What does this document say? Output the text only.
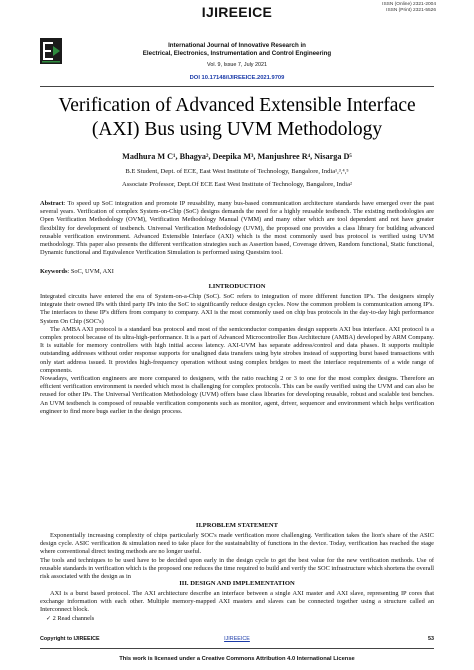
IJIREEICE	ISSN (Online) 2321-2004
ISSN (Print) 2321-5526
International Journal of Innovative Research in
Electrical, Electronics, Instrumentation and Control Engineering
Vol. 9, Issue 7, July 2021
DOI 10.17148/IJIREEICE.2021.9709
Verification of Advanced Extensible Interface
(AXI) Bus using UVM Methodology
Madhura M C¹, Bhagya², Deepika M³, Manjushree R⁴, Nisarga D⁵
B.E Student, Dept. of ECE, East West Institute of Technology, Bangalore, India¹,³,⁴,⁵
Associate Professor, Dept.Of ECE East West Institute of Technology, Bangalore, India²
Abstract: To speed up SoC integration and promote IP reusability, many bus-based communication architecture standards have emerged over the past several years. Verification of complex System-on-Chip (SoC) designs demands the need for a highly reusable testbench. The existing methodologies are Open Verification Methodology (OVM), Verification Methodology Manual (VMM) and many other which are tool dependent and not have greater flexibility for development of testbench. Universal Verification Methodology (UVM), the proposed one provides a class library for building advanced reusable verification environment. Advanced Extensible Interface (AXI) which is the most commonly used bus protocol is verified using UVM methodology. This paper also presents the different verification strategies such as Assertion based, Coverage driven, Random functional, Static functional, Dynamic functional and Equivalence Verification Simulation is performed using Questsim tool.
Keywords: SoC, UVM, AXI
I.INTRODUCTION

Integrated circuits have entered the era of System-on-a-Chip (SoC). SoC refers to integration of more different function IP's. The designers simply integrate their owned IPs with third party IPs into the SoC to significantly reduce design cycles. Now the common problem is communication among IP's. The interfaces to these IP's differs from company to company. AXI is the most commonly used on chip bus protocols in the day-to-day high performance System On Chip (SOC's)

The AMBA AXI protocol is a standard bus protocol and most of the semiconductor companies design supports AXI bus interface. AXI protocol is a complex protocol because of its ultra-high-performance. It is a part of Advanced Microcontroller Bus Architecture (AMBA) developed by ARM Company. It is suitable for memory controllers with high initial access latency. AXI-UVM has separate address/control and data phases. It supports multiple outstanding addresses without order response supports for unaligned data transfers using byte strobes instead of supporting burst based transactions with only start address issued. It provides high-frequency operation without using complex bridges to meet the interface requirements of a wide range of components.

Nowadays, verification engineers are more compared to designers, with the ratio reaching 2 or 3 to one for the most complex designs. Therefore an efficient verification environment is needed which most is challenging for complex protocols. This can be easily verified using the UVM and can also be reused for other IPs. The Universal Verification Methodology (UVM) offers base class libraries for developing reusable, robust and scalable test benches. An UVM testbench is composed of reusable verification components such as monitor, agent, driver, sequencer and environment which helps verification engineer to find more bugs earlier in the design process.

II.PROBLEM STATEMENT

Exponentially increasing complexity of chips particularly SOC's made verification more challenging. Verification takes the lion's share of the ASIC design cycle. ASIC verification & simulation need to take place for the sustainability of functions in the device. Today, verification has reached the stage where conventional direct testing methods are no longer useful.

The tools and techniques to be used have to be decided upon early in the design cycle to get the best value for the new verification methods. Use of reusable standards in verification which is the proposed one reduces the time required to build and verify the SOC infrastructure which shortens the overall risk associated with the design as in

III. DESIGN AND IMPLEMENTATION

AXI is a burst based protocol. The AXI architecture describe an interface between a single AXI master and AXI slave, representing IP cores that exchange information with each other. Multiple memory-mapped AXI masters and slaves can be connected together using a structure called an Interconnect block.

✓ 2 Read channels

Copyright to IJIREEICE	IJIREEICE	53
This work is licensed under a Creative Commons Attribution 4.0 International License
